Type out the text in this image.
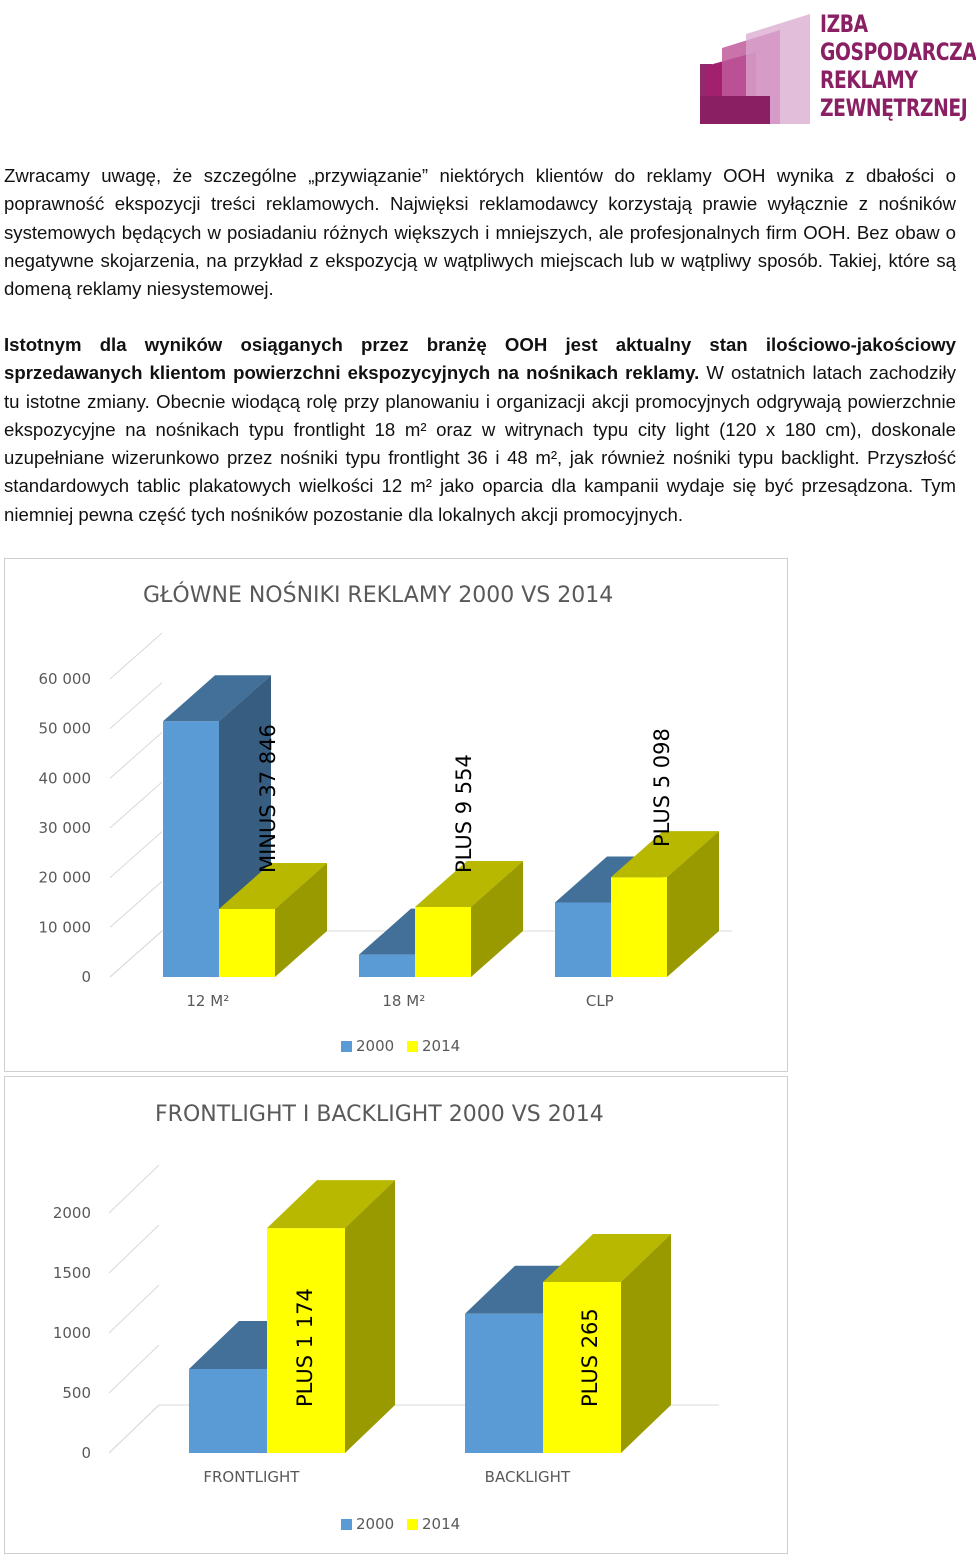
IZBA
GOSPODARCZA
REKLAMY
ZEWNĘTRZNEJ

Zwracamy uwagę, że szczególne „przywiązanie” niektórych klientów do reklamy OOH wynika z dbałości o poprawność ekspozycji treści reklamowych. Najwięksi reklamodawcy korzystają prawie wyłącznie z nośników systemowych będących w posiadaniu różnych większych i mniejszych, ale profesjonalnych firm OOH. Bez obaw o negatywne skojarzenia, na przykład z ekspozycją w wątpliwych miejscach lub w wątpliwy sposób. Takiej, które są domeną reklamy niesystemowej.

Istotnym dla wyników osiąganych przez branżę OOH jest aktualny stan ilościowo-jakościowy sprzedawanych klientom powierzchni ekspozycyjnych na nośnikach reklamy. W ostatnich latach zachodziły tu istotne zmiany. Obecnie wiodącą rolę przy planowaniu i organizacji akcji promocyjnych odgrywają powierzchnie ekspozycyjne na nośnikach typu frontlight 18 m² oraz w witrynach typu city light (120 x 180 cm), doskonale uzupełniane wizerunkowo przez nośniki typu frontlight 36 i 48 m², jak również nośniki typu backlight. Przyszłość standardowych tablic plakatowych wielkości 12 m² jako oparcia dla kampanii wydaje się być przesądzona. Tym niemniej pewna część tych nośników pozostanie dla lokalnych akcji promocyjnych.

GŁÓWNE NOŚNIKI REKLAMY 2000 VS 2014
0
10 000
20 000
30 000
40 000
50 000
60 000
12 M²
MINUS 37 846
18 M²
PLUS 9 554
CLP
PLUS 5 098
2000 2014
FRONTLIGHT I BACKLIGHT 2000 VS 2014
0
500
1000
1500
2000
FRONTLIGHT
PLUS 1 174
BACKLIGHT
PLUS 265
2000 2014
